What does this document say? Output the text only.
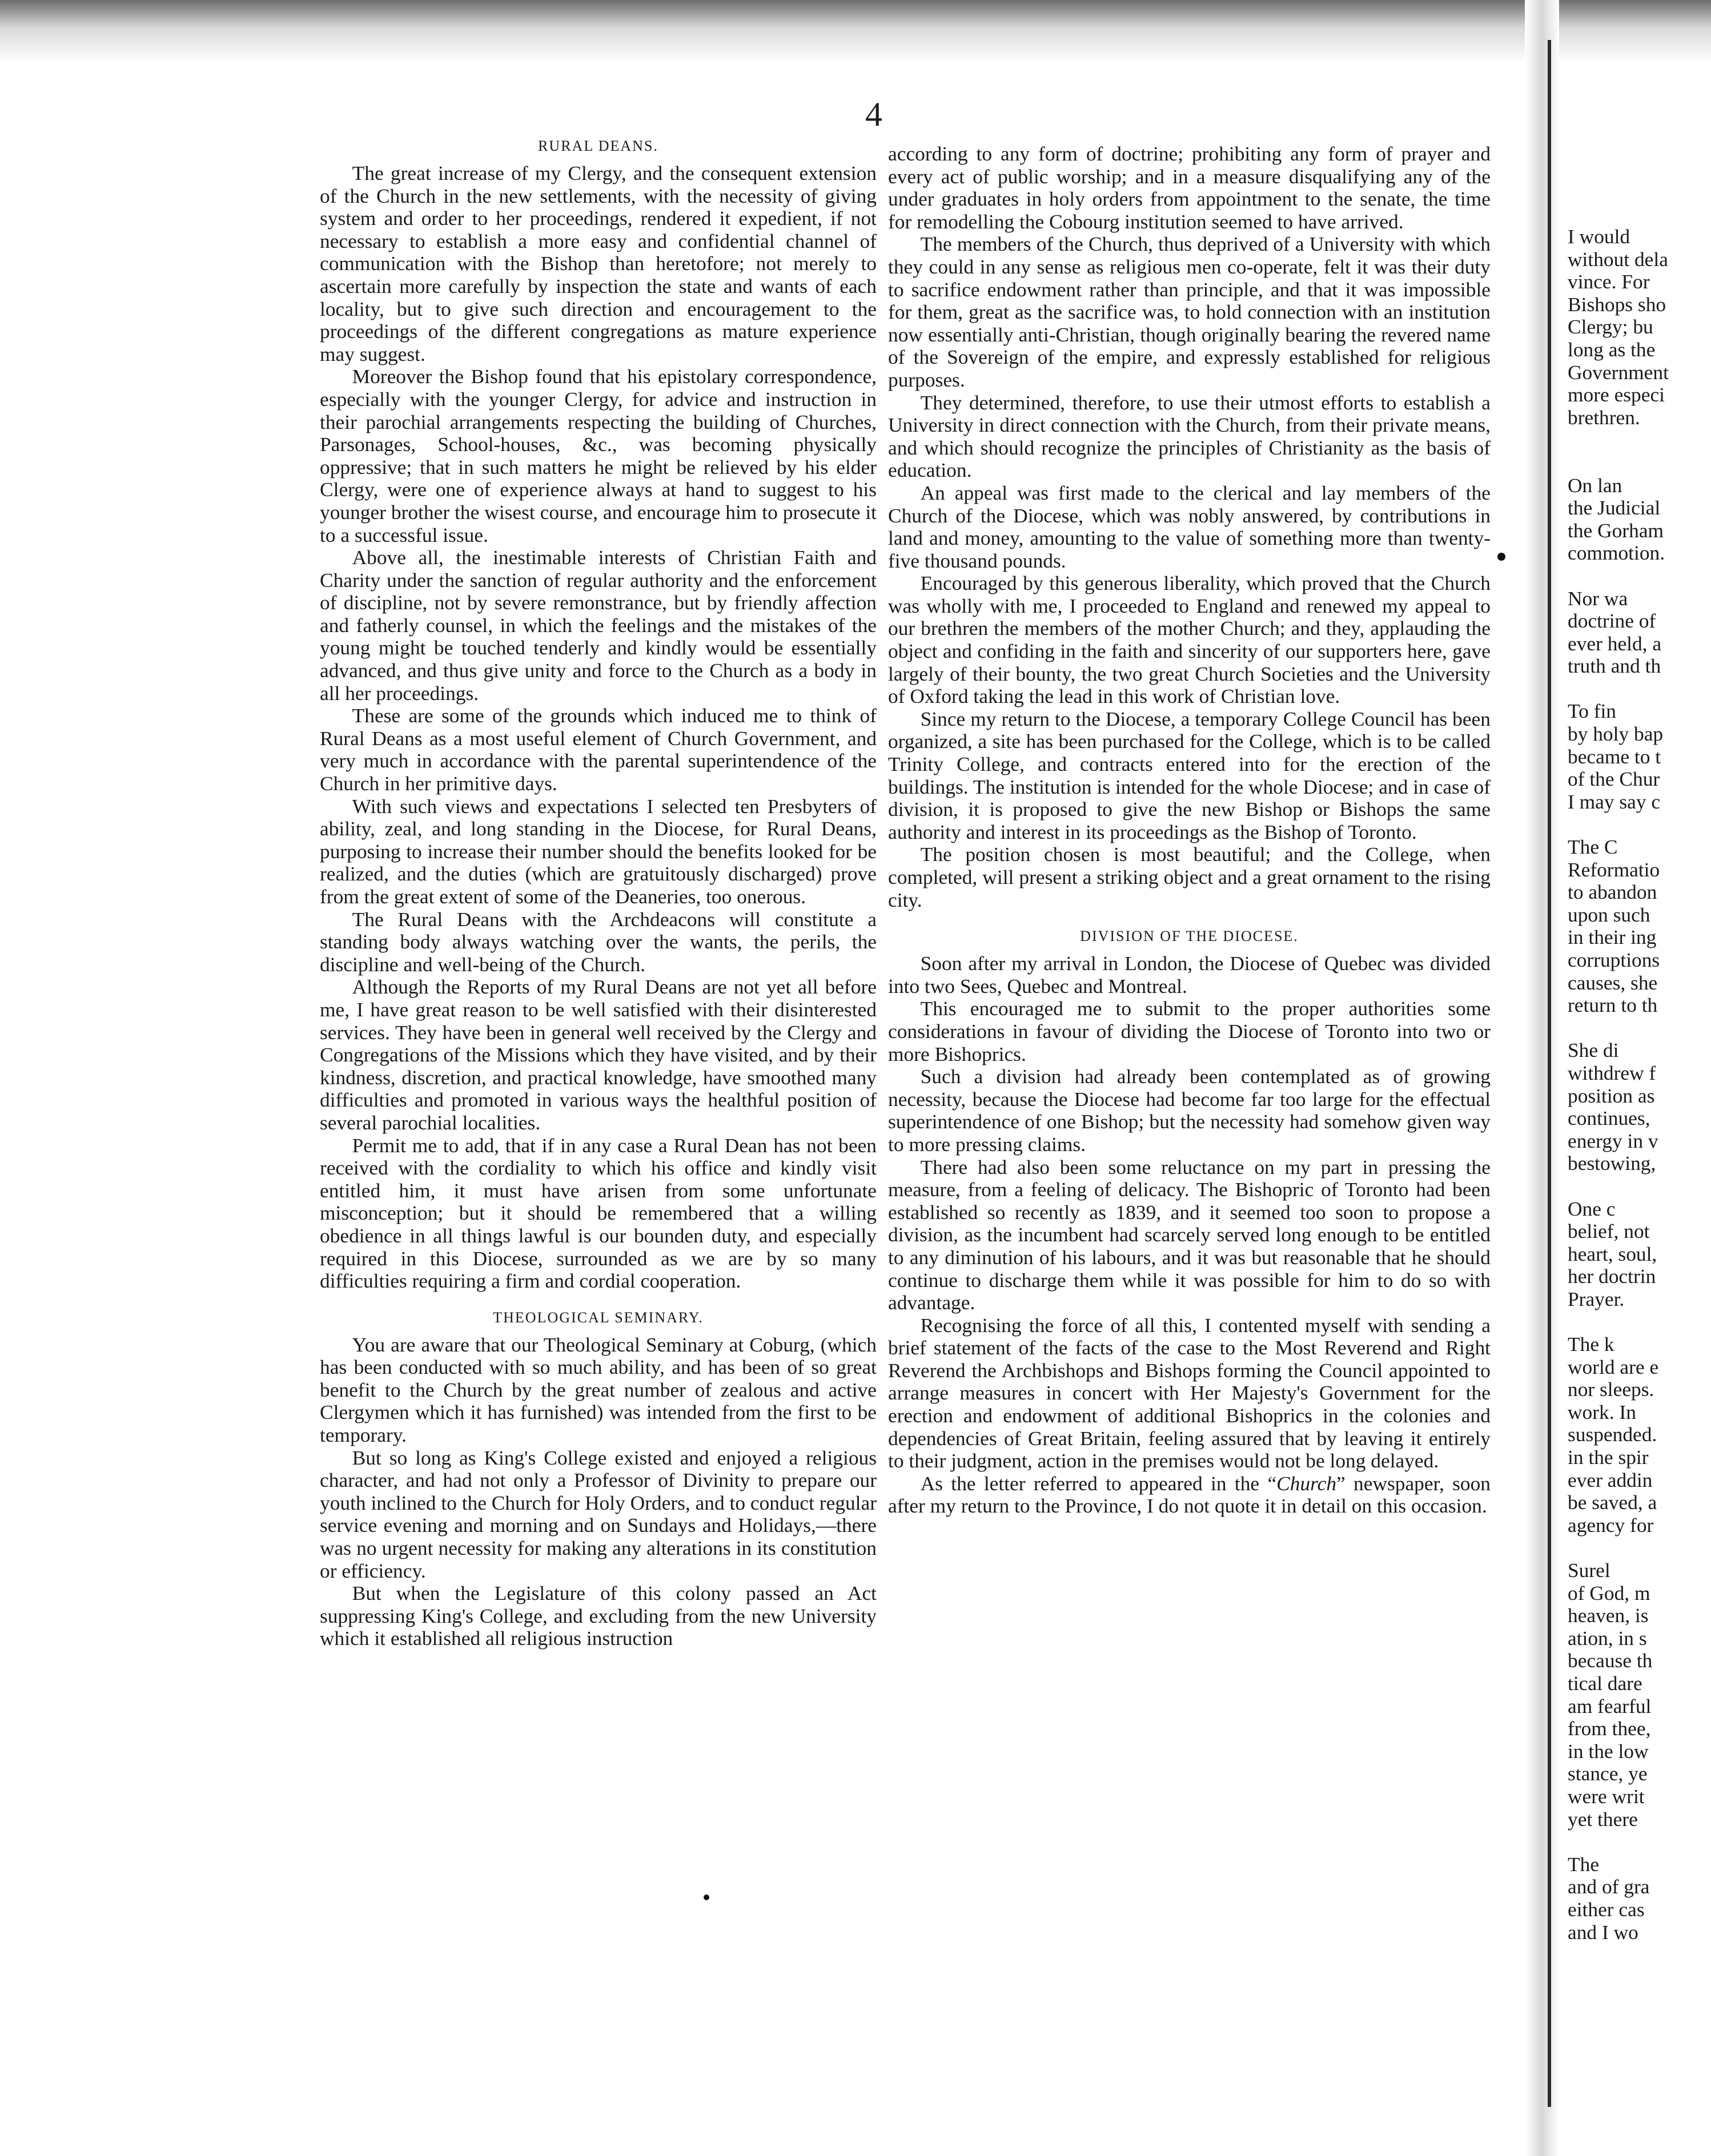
4
RURAL DEANS.

The great increase of my Clergy, and the consequent extension of the Church in the new settlements, with the necessity of giving system and order to her proceedings, rendered it expedient, if not necessary to establish a more easy and confidential channel of communication with the Bishop than heretofore; not merely to ascertain more carefully by inspection the state and wants of each locality, but to give such direction and encouragement to the proceedings of the different congregations as mature experience may suggest.

Moreover the Bishop found that his epistolary correspondence, especially with the younger Clergy, for advice and instruction in their parochial arrangements respecting the building of Churches, Parsonages, School-houses, &c., was becoming physically oppressive; that in such matters he might be relieved by his elder Clergy, were one of experience always at hand to suggest to his younger brother the wisest course, and encourage him to prosecute it to a successful issue.

Above all, the inestimable interests of Christian Faith and Charity under the sanction of regular authority and the enforcement of discipline, not by severe remonstrance, but by friendly affection and fatherly counsel, in which the feelings and the mistakes of the young might be touched tenderly and kindly would be essentially advanced, and thus give unity and force to the Church as a body in all her proceedings.

These are some of the grounds which induced me to think of Rural Deans as a most useful element of Church Government, and very much in accordance with the parental superintendence of the Church in her primitive days.

With such views and expectations I selected ten Presbyters of ability, zeal, and long standing in the Diocese, for Rural Deans, purposing to increase their number should the benefits looked for be realized, and the duties (which are gratuitously discharged) prove from the great extent of some of the Deaneries, too onerous.

The Rural Deans with the Archdeacons will constitute a standing body always watching over the wants, the perils, the discipline and well-being of the Church.

Although the Reports of my Rural Deans are not yet all before me, I have great reason to be well satisfied with their disinterested services. They have been in general well received by the Clergy and Congregations of the Missions which they have visited, and by their kindness, discretion, and practical knowledge, have smoothed many difficulties and promoted in various ways the healthful position of several parochial localities.

Permit me to add, that if in any case a Rural Dean has not been received with the cordiality to which his office and kindly visit entitled him, it must have arisen from some unfortunate misconception; but it should be remembered that a willing obedience in all things lawful is our bounden duty, and especially required in this Diocese, surrounded as we are by so many difficulties requiring a firm and cordial cooperation.

THEOLOGICAL SEMINARY.

You are aware that our Theological Seminary at Coburg, (which has been conducted with so much ability, and has been of so great benefit to the Church by the great number of zealous and active Clergymen which it has furnished) was intended from the first to be temporary.

But so long as King's College existed and enjoyed a religious character, and had not only a Professor of Divinity to prepare our youth inclined to the Church for Holy Orders, and to conduct regular service evening and morning and on Sundays and Holidays,—there was no urgent necessity for making any alterations in its constitution or efficiency.

But when the Legislature of this colony passed an Act suppressing King's College, and excluding from the new University which it established all religious instruction

according to any form of doctrine; prohibiting any form of prayer and every act of public worship; and in a measure disqualifying any of the under graduates in holy orders from appointment to the senate, the time for remodelling the Cobourg institution seemed to have arrived.

The members of the Church, thus deprived of a University with which they could in any sense as religious men co-operate, felt it was their duty to sacrifice endowment rather than principle, and that it was impossible for them, great as the sacrifice was, to hold connection with an institution now essentially anti-Christian, though originally bearing the revered name of the Sovereign of the empire, and expressly established for religious purposes.

They determined, therefore, to use their utmost efforts to establish a University in direct connection with the Church, from their private means, and which should recognize the principles of Christianity as the basis of education.

An appeal was first made to the clerical and lay members of the Church of the Diocese, which was nobly answered, by contributions in land and money, amounting to the value of something more than twenty-five thousand pounds.

Encouraged by this generous liberality, which proved that the Church was wholly with me, I proceeded to England and renewed my appeal to our brethren the members of the mother Church; and they, applauding the object and confiding in the faith and sincerity of our supporters here, gave largely of their bounty, the two great Church Societies and the University of Oxford taking the lead in this work of Christian love.

Since my return to the Diocese, a temporary College Council has been organized, a site has been purchased for the College, which is to be called Trinity College, and contracts entered into for the erection of the buildings. The institution is intended for the whole Diocese; and in case of division, it is proposed to give the new Bishop or Bishops the same authority and interest in its proceedings as the Bishop of Toronto.

The position chosen is most beautiful; and the College, when completed, will present a striking object and a great ornament to the rising city.

DIVISION OF THE DIOCESE.

Soon after my arrival in London, the Diocese of Quebec was divided into two Sees, Quebec and Montreal.

This encouraged me to submit to the proper authorities some considerations in favour of dividing the Diocese of Toronto into two or more Bishoprics.

Such a division had already been contemplated as of growing necessity, because the Diocese had become far too large for the effectual superintendence of one Bishop; but the necessity had somehow given way to more pressing claims.

There had also been some reluctance on my part in pressing the measure, from a feeling of delicacy. The Bishopric of Toronto had been established so recently as 1839, and it seemed too soon to propose a division, as the incumbent had scarcely served long enough to be entitled to any diminution of his labours, and it was but reasonable that he should continue to discharge them while it was possible for him to do so with advantage.

Recognising the force of all this, I contented myself with sending a brief statement of the facts of the case to the Most Reverend and Right Reverend the Archbishops and Bishops forming the Council appointed to arrange measures in concert with Her Majesty's Government for the erection and endowment of additional Bishoprics in the colonies and dependencies of Great Britain, feeling assured that by leaving it entirely to their judgment, action in the premises would not be long delayed.

As the letter referred to appeared in the “Church” newspaper, soon after my return to the Province, I do not quote it in detail on this occasion.

I would
without dela
vince. For
Bishops sho
Clergy; bu
long as the
Government
more especi
brethren.
On lan
the Judicial
the Gorham
commotion.
Nor wa
doctrine of
ever held, a
truth and th
To fin
by holy bap
became to t
of the Chur
I may say c
The C
Reformatio
to abandon
upon such
in their ing
corruptions
causes, she
return to th
She di
withdrew f
position as
continues,
energy in v
bestowing,
One c
belief, not
heart, soul,
her doctrin
Prayer.
The k
world are e
nor sleeps.
work. In
suspended.
in the spir
ever addin
be saved, a
agency for
Surel
of God, m
heaven, is
ation, in s
because th
tical dare
am fearful
from thee,
in the low
stance, ye
were writ
yet there
The
and of gra
either cas
and I wo
